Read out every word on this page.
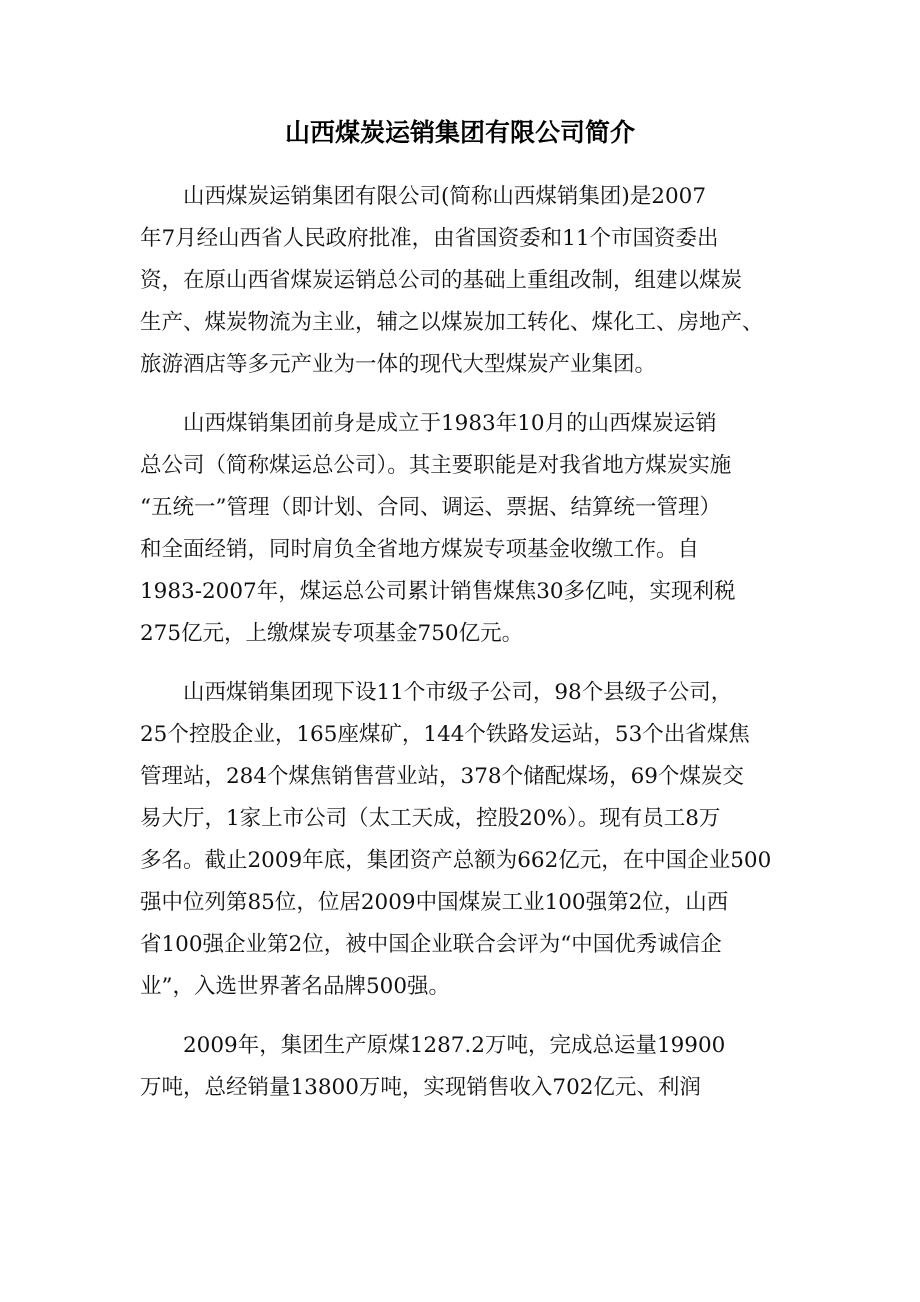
山西煤炭运销集团有限公司简介

山西煤炭运销集团有限公司(简称山西煤销集团)是2007
年7月经山西省人民政府批准，由省国资委和11个市国资委出
资，在原山西省煤炭运销总公司的基础上重组改制，组建以煤炭
生产、煤炭物流为主业，辅之以煤炭加工转化、煤化工、房地产、
旅游酒店等多元产业为一体的现代大型煤炭产业集团。

山西煤销集团前身是成立于1983年10月的山西煤炭运销
总公司（简称煤运总公司）。其主要职能是对我省地方煤炭实施
“五统一”管理（即计划、合同、调运、票据、结算统一管理）
和全面经销，同时肩负全省地方煤炭专项基金收缴工作。自
1983-2007年，煤运总公司累计销售煤焦30多亿吨，实现利税
275亿元，上缴煤炭专项基金750亿元。

山西煤销集团现下设11个市级子公司，98个县级子公司，
25个控股企业，165座煤矿，144个铁路发运站，53个出省煤焦
管理站，284个煤焦销售营业站，378个储配煤场，69个煤炭交
易大厅，1家上市公司（太工天成，控股20%）。现有员工8万
多名。截止2009年底，集团资产总额为662亿元，在中国企业500
强中位列第85位，位居2009中国煤炭工业100强第2位，山西
省100强企业第2位，被中国企业联合会评为“中国优秀诚信企
业”，入选世界著名品牌500强。

2009年，集团生产原煤1287.2万吨，完成总运量19900
万吨，总经销量13800万吨，实现销售收入702亿元、利润
